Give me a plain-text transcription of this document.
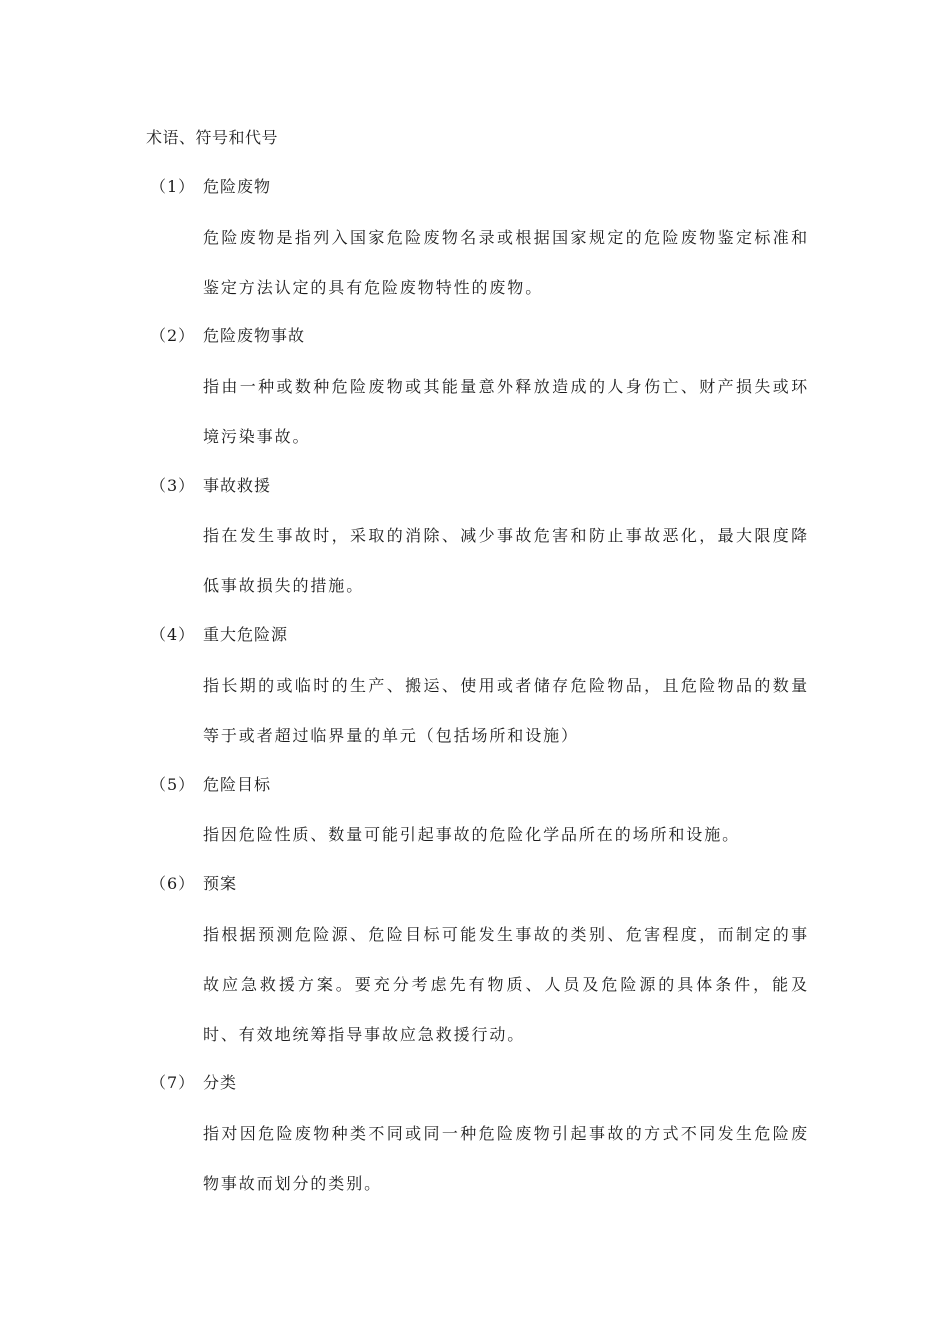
术语、符号和代号
（1） 危险废物
危险废物是指列入国家危险废物名录或根据国家规定的危险废物鉴定标准和鉴定方法认定的具有危险废物特性的废物。
（2） 危险废物事故
指由一种或数种危险废物或其能量意外释放造成的人身伤亡、财产损失或环境污染事故。
（3） 事故救援
指在发生事故时，采取的消除、减少事故危害和防止事故恶化，最大限度降低事故损失的措施。
（4） 重大危险源
指长期的或临时的生产、搬运、使用或者储存危险物品，且危险物品的数量等于或者超过临界量的单元（包括场所和设施）
（5） 危险目标
指因危险性质、数量可能引起事故的危险化学品所在的场所和设施。
（6） 预案
指根据预测危险源、危险目标可能发生事故的类别、危害程度，而制定的事故应急救援方案。要充分考虑先有物质、人员及危险源的具体条件，能及时、有效地统筹指导事故应急救援行动。
（7） 分类
指对因危险废物种类不同或同一种危险废物引起事故的方式不同发生危险废物事故而划分的类别。
